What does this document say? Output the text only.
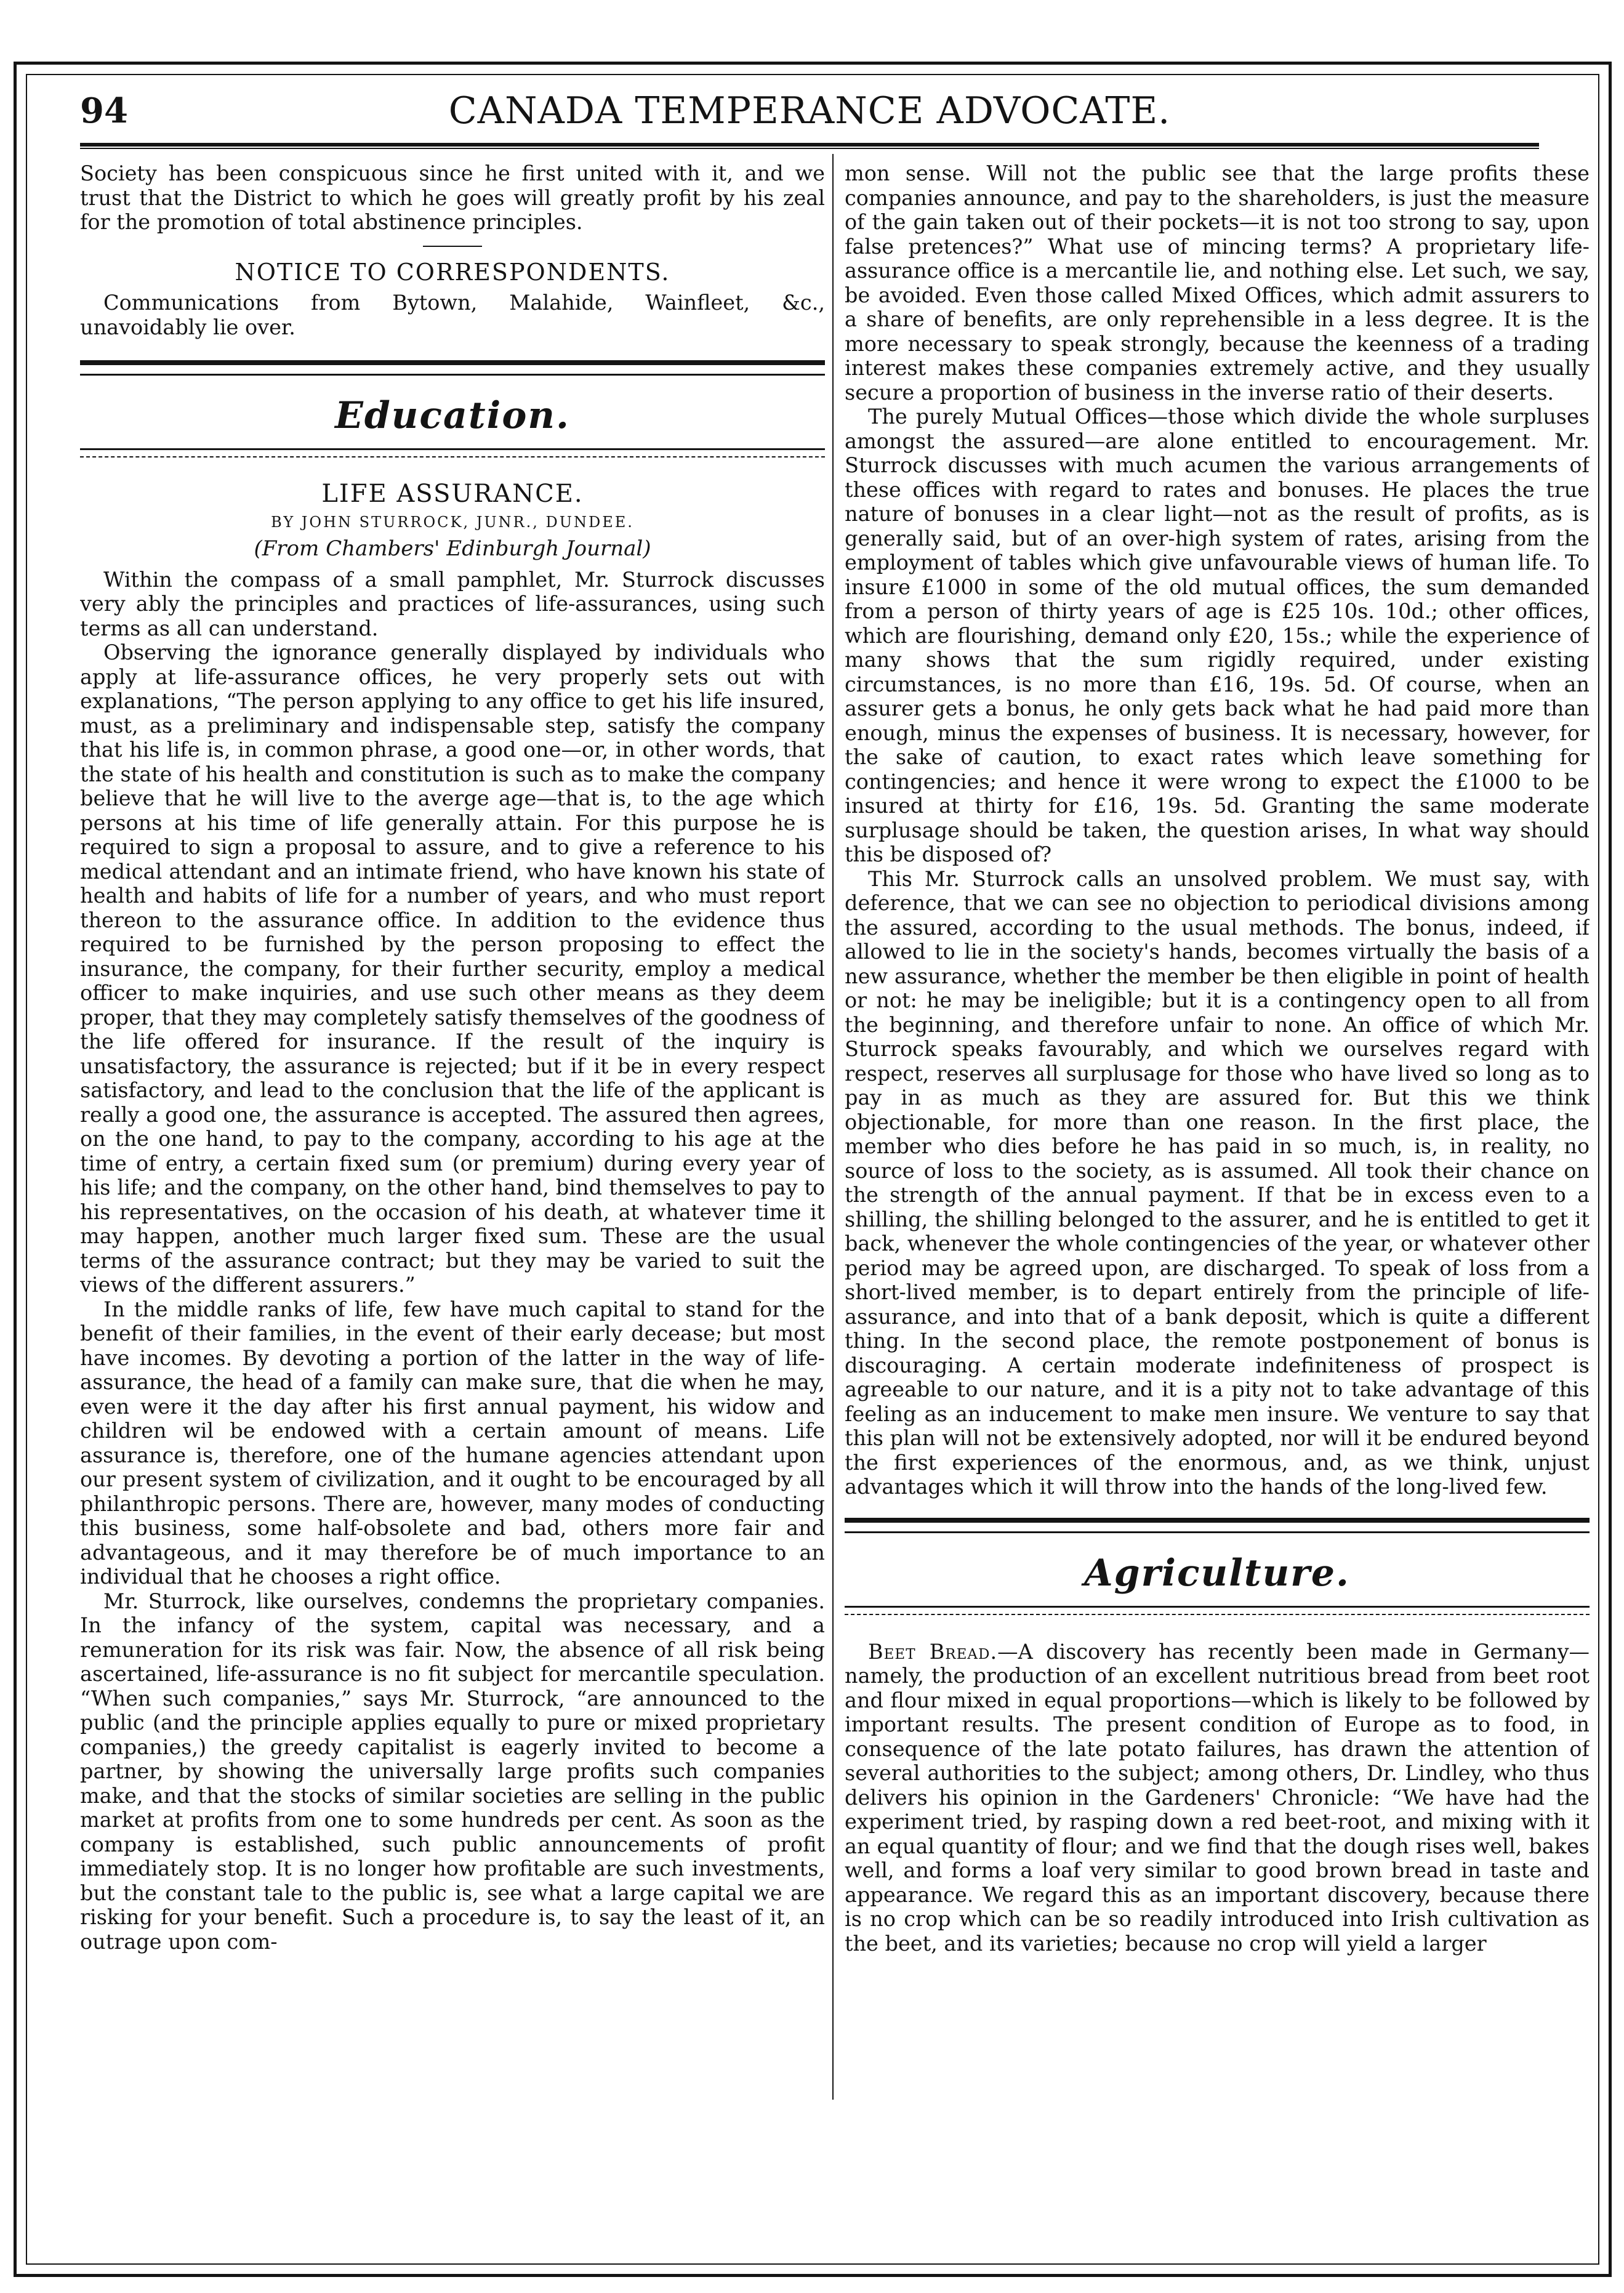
94	CANADA TEMPERANCE ADVOCATE.

Society has been conspicuous since he first united with it, and we trust that the District to which he goes will greatly profit by his zeal for the promotion of total abstinence principles.

NOTICE TO CORRESPONDENTS.

Communications from Bytown, Malahide, Wainfleet, &c., unavoidably lie over.

Education.
LIFE ASSURANCE.
BY JOHN STURROCK, JUNR., DUNDEE.
(From Chambers' Edinburgh Journal)

Within the compass of a small pamphlet, Mr. Sturrock discusses very ably the principles and practices of life-assurances, using such terms as all can understand.

Observing the ignorance generally displayed by individuals who apply at life-assurance offices, he very properly sets out with explanations, “The person applying to any office to get his life insured, must, as a preliminary and indispensable step, satisfy the company that his life is, in common phrase, a good one—or, in other words, that the state of his health and constitution is such as to make the company believe that he will live to the averge age—that is, to the age which persons at his time of life generally attain. For this purpose he is required to sign a proposal to assure, and to give a reference to his medical attendant and an intimate friend, who have known his state of health and habits of life for a number of years, and who must report thereon to the assurance office. In addition to the evidence thus required to be furnished by the person proposing to effect the insurance, the company, for their further security, employ a medical officer to make inquiries, and use such other means as they deem proper, that they may completely satisfy themselves of the goodness of the life offered for insurance. If the result of the inquiry is unsatisfactory, the assurance is rejected; but if it be in every respect satisfactory, and lead to the conclusion that the life of the applicant is really a good one, the assurance is accepted. The assured then agrees, on the one hand, to pay to the company, according to his age at the time of entry, a certain fixed sum (or premium) during every year of his life; and the company, on the other hand, bind themselves to pay to his representatives, on the occasion of his death, at whatever time it may happen, another much larger fixed sum. These are the usual terms of the assurance contract; but they may be varied to suit the views of the different assurers.”

In the middle ranks of life, few have much capital to stand for the benefit of their families, in the event of their early decease; but most have incomes. By devoting a portion of the latter in the way of life-assurance, the head of a family can make sure, that die when he may, even were it the day after his first annual payment, his widow and children wil be endowed with a certain amount of means. Life assurance is, therefore, one of the humane agencies attendant upon our present system of civilization, and it ought to be encouraged by all philanthropic persons. There are, however, many modes of conducting this business, some half-obsolete and bad, others more fair and advantageous, and it may therefore be of much importance to an individual that he chooses a right office.

Mr. Sturrock, like ourselves, condemns the proprietary companies. In the infancy of the system, capital was necessary, and a remuneration for its risk was fair. Now, the absence of all risk being ascertained, life-assurance is no fit subject for mercantile speculation. “When such companies,” says Mr. Sturrock, “are announced to the public (and the principle applies equally to pure or mixed proprietary companies,) the greedy capitalist is eagerly invited to become a partner, by showing the universally large profits such companies make, and that the stocks of similar societies are selling in the public market at profits from one to some hundreds per cent. As soon as the company is established, such public announcements of profit immediately stop. It is no longer how profitable are such investments, but the constant tale to the public is, see what a large capital we are risking for your benefit. Such a procedure is, to say the least of it, an outrage upon com-

mon sense. Will not the public see that the large profits these companies announce, and pay to the shareholders, is just the measure of the gain taken out of their pockets—it is not too strong to say, upon false pretences?” What use of mincing terms? A proprietary life-assurance office is a mercantile lie, and nothing else. Let such, we say, be avoided. Even those called Mixed Offices, which admit assurers to a share of benefits, are only reprehensible in a less degree. It is the more necessary to speak strongly, because the keenness of a trading interest makes these companies extremely active, and they usually secure a proportion of business in the inverse ratio of their deserts.

The purely Mutual Offices—those which divide the whole surpluses amongst the assured—are alone entitled to encouragement. Mr. Sturrock discusses with much acumen the various arrangements of these offices with regard to rates and bonuses. He places the true nature of bonuses in a clear light—not as the result of profits, as is generally said, but of an over-high system of rates, arising from the employment of tables which give unfavourable views of human life. To insure £1000 in some of the old mutual offices, the sum demanded from a person of thirty years of age is £25 10s. 10d.; other offices, which are flourishing, demand only £20, 15s.; while the experience of many shows that the sum rigidly required, under existing circumstances, is no more than £16, 19s. 5d. Of course, when an assurer gets a bonus, he only gets back what he had paid more than enough, minus the expenses of business. It is necessary, however, for the sake of caution, to exact rates which leave something for contingencies; and hence it were wrong to expect the £1000 to be insured at thirty for £16, 19s. 5d. Granting the same moderate surplusage should be taken, the question arises, In what way should this be disposed of?

This Mr. Sturrock calls an unsolved problem. We must say, with deference, that we can see no objection to periodical divisions among the assured, according to the usual methods. The bonus, indeed, if allowed to lie in the society's hands, becomes virtually the basis of a new assurance, whether the member be then eligible in point of health or not: he may be ineligible; but it is a contingency open to all from the beginning, and therefore unfair to none. An office of which Mr. Sturrock speaks favourably, and which we ourselves regard with respect, reserves all surplusage for those who have lived so long as to pay in as much as they are assured for. But this we think objectionable, for more than one reason. In the first place, the member who dies before he has paid in so much, is, in reality, no source of loss to the society, as is assumed. All took their chance on the strength of the annual payment. If that be in excess even to a shilling, the shilling belonged to the assurer, and he is entitled to get it back, whenever the whole contingencies of the year, or whatever other period may be agreed upon, are discharged. To speak of loss from a short-lived member, is to depart entirely from the principle of life-assurance, and into that of a bank deposit, which is quite a different thing. In the second place, the remote postponement of bonus is discouraging. A certain moderate indefiniteness of prospect is agreeable to our nature, and it is a pity not to take advantage of this feeling as an inducement to make men insure. We venture to say that this plan will not be extensively adopted, nor will it be endured beyond the first experiences of the enormous, and, as we think, unjust advantages which it will throw into the hands of the long-lived few.

Agriculture.

Beet Bread.—A discovery has recently been made in Germany—namely, the production of an excellent nutritious bread from beet root and flour mixed in equal proportions—which is likely to be followed by important results. The present condition of Europe as to food, in consequence of the late potato failures, has drawn the attention of several authorities to the subject; among others, Dr. Lindley, who thus delivers his opinion in the Gardeners' Chronicle: “We have had the experiment tried, by rasping down a red beet-root, and mixing with it an equal quantity of flour; and we find that the dough rises well, bakes well, and forms a loaf very similar to good brown bread in taste and appearance. We regard this as an important discovery, because there is no crop which can be so readily introduced into Irish cultivation as the beet, and its varieties; because no crop will yield a larger
